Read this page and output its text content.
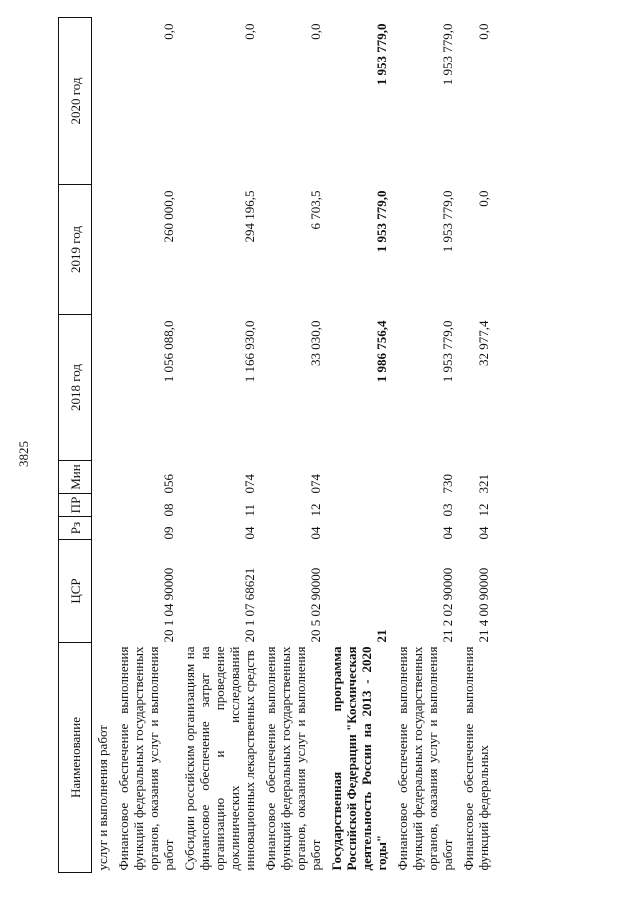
3825
Наименование	ЦСР	Рз	ПР	Мин	2018 год	2019 год	2020 год
услуг и выполнения работ							
Финансовое обеспечение выполнения функций федеральных государственных органов, оказания услуг и выполнения работ	20 1 04 90000	09	08	056	1 056 088,0	260 000,0	0,0
Субсидии российским организациям на финансовое обеспечение затрат на организацию и проведение доклинических исследований инновационных лекарственных средств	20 1 07 68621	04	11	074	1 166 930,0	294 196,5	0,0
Финансовое обеспечение выполнения функций федеральных государственных органов, оказания услуг и выполнения работ	20 5 02 90000	04	12	074	33 030,0	6 703,5	0,0
Государственная программа Российской Федерации "Космическая деятельность России на 2013 - 2020 годы"	21				1 986 756,4	1 953 779,0	1 953 779,0
Финансовое обеспечение выполнения функций федеральных государственных органов, оказания услуг и выполнения работ	21 2 02 90000	04	03	730	1 953 779,0	1 953 779,0	1 953 779,0
Финансовое обеспечение выполнения функций федеральных	21 4 00 90000	04	12	321	32 977,4	0,0	0,0
